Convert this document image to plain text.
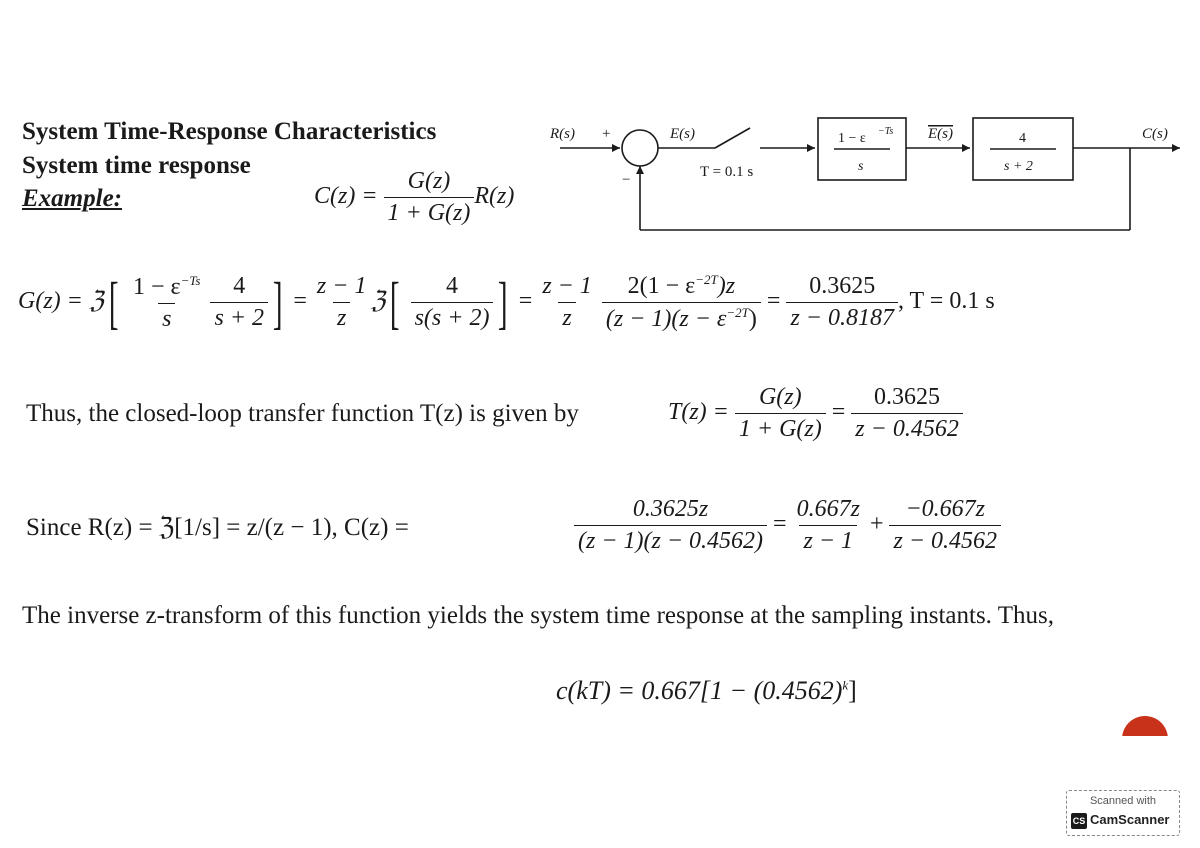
System Time-Response Characteristics
System time response
Example:	$C(z) = \frac{G(z)}{1 + G(z)} R(z)$
R(s) +
−
E(s)
T = 0.1 s
1 − ε −Ts
s
E(s)	4
s + 2
C(s)
G(z) = ℨ[ $\frac{1 - \varepsilon^{-Ts}}{s}$
$\frac{4}{s + 2}$ ] = $\frac{z - 1}{z}$ ℨ[ $\frac{4}{s(s + 2)}$ ] = $\frac{z - 1}{z}$
$\frac{2(1 - \varepsilon^{-2T})z}{(z - 1)(z - \varepsilon^{-2T})} = \frac{0.3625}{z - 0.8187}$ , T = 0.1 s
Thus, the closed-loop transfer function T(z) is given by	$T(z) = \frac{G(z)}{1 + G(z)} = \frac{0.3625}{z - 0.4562}$
Since R(z) = ℨ[1/s] = z/(z − 1), C(z) =	$\frac{0.3625z}{(z - 1)(z - 0.4562)} = \frac{0.667z}{z - 1} + \frac{-0.667z}{z - 0.4562}$
The inverse z-transform of this function yields the system time response at the sampling instants. Thus,
$c(kT) = 0.667[1 - (0.4562)^k]$
Scanned with
CS CamScanner
